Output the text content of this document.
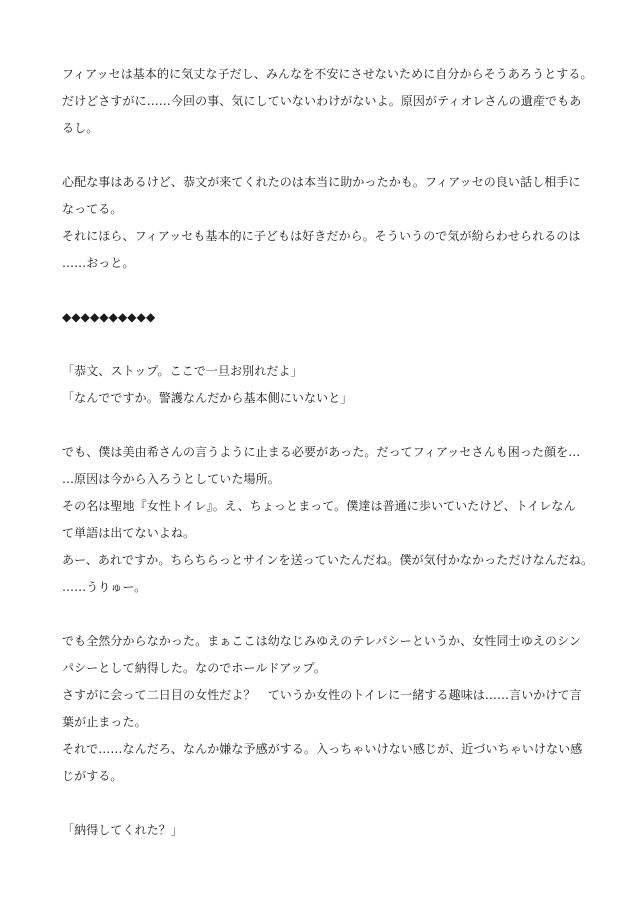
フィアッセは基本的に気丈な子だし、みんなを不安にさせないために自分からそうあろうとする。
だけどさすがに……今回の事、気にしていないわけがないよ。原因がティオレさんの遺産でもあ
るし。
心配な事はあるけど、恭文が来てくれたのは本当に助かったかも。フィアッセの良い話し相手に
なってる。
それにほら、フィアッセも基本的に子どもは好きだから。そういうので気が紛らわせられるのは
……おっと。
◆◆◆◆◆◆◆◆◆◆
「恭文、ストップ。ここで一旦お別れだよ」
「なんでですか。警護なんだから基本側にいないと」
でも、僕は美由希さんの言うように止まる必要があった。だってフィアッセさんも困った顔を…
…原因は今から入ろうとしていた場所。
その名は聖地『女性トイレ』。え、ちょっとまって。僕達は普通に歩いていたけど、トイレなん
て単語は出てないよね。
あー、あれですか。ちらちらっとサインを送っていたんだね。僕が気付かなかっただけなんだね。
……うりゅー。
でも全然分からなかった。まぁここは幼なじみゆえのテレパシーというか、女性同士ゆえのシン
パシーとして納得した。なのでホールドアップ。
さすがに会って二日目の女性だよ？　ていうか女性のトイレに一緒する趣味は……言いかけて言
葉が止まった。
それで……なんだろ、なんか嫌な予感がする。入っちゃいけない感じが、近づいちゃいけない感
じがする。
「納得してくれた？」
